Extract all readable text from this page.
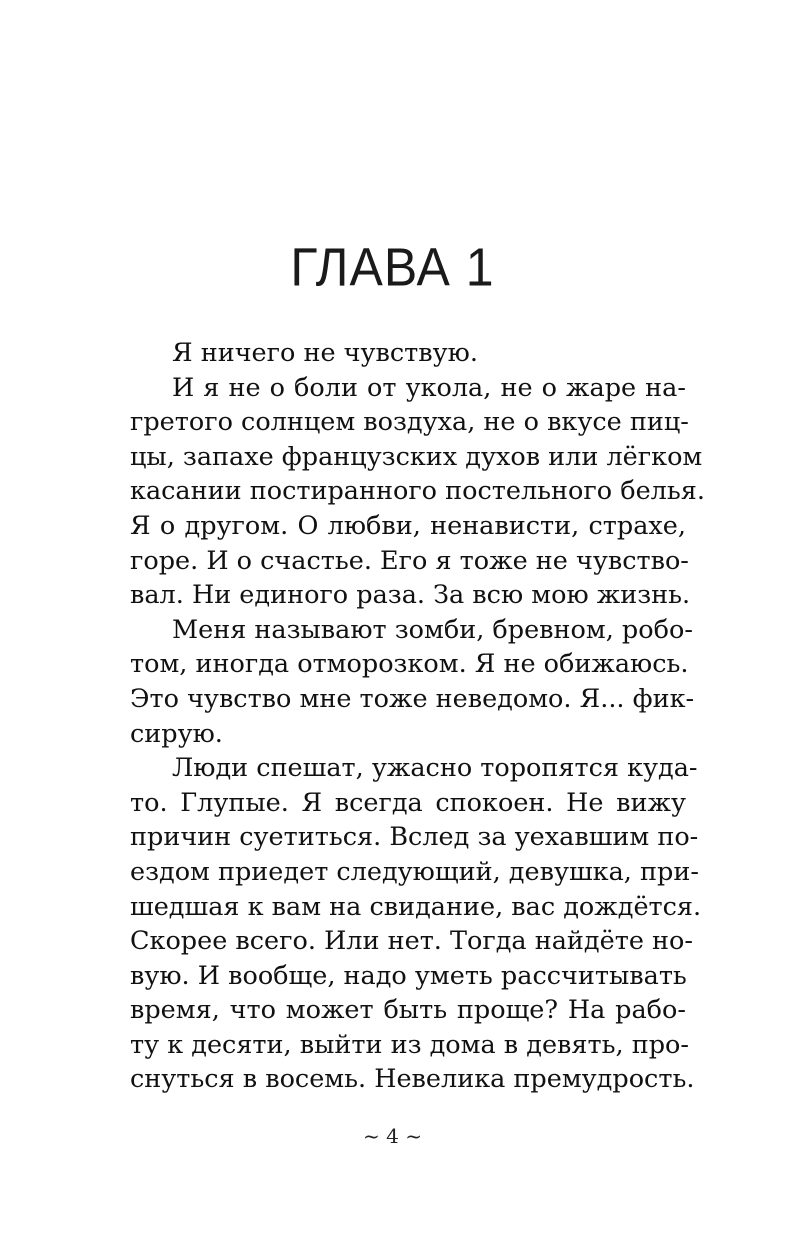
ГЛАВА 1
Я ничего не чувствую.
И я не о боли от укола, не о жаре на-
гретого солнцем воздуха, не о вкусе пиц-
цы, запахе французских духов или лёгком
касании постиранного постельного белья.
Я о другом. О любви, ненависти, страхе,
горе. И о счастье. Его я тоже не чувство-
вал. Ни единого раза. За всю мою жизнь.
Меня называют зомби, бревном, робо-
том, иногда отморозком. Я не обижаюсь.
Это чувство мне тоже неведомо. Я... фик-
сирую.
Люди спешат, ужасно торопятся куда-
то. Глупые. Я всегда спокоен. Не вижу
причин суетиться. Вслед за уехавшим по-
ездом приедет следующий, девушка, при-
шедшая к вам на свидание, вас дождётся.
Скорее всего. Или нет. Тогда найдёте но-
вую. И вообще, надо уметь рассчитывать
время, что может быть проще? На рабо-
ту к десяти, выйти из дома в девять, про-
снуться в восемь. Невелика премудрость.
~ 4 ~
